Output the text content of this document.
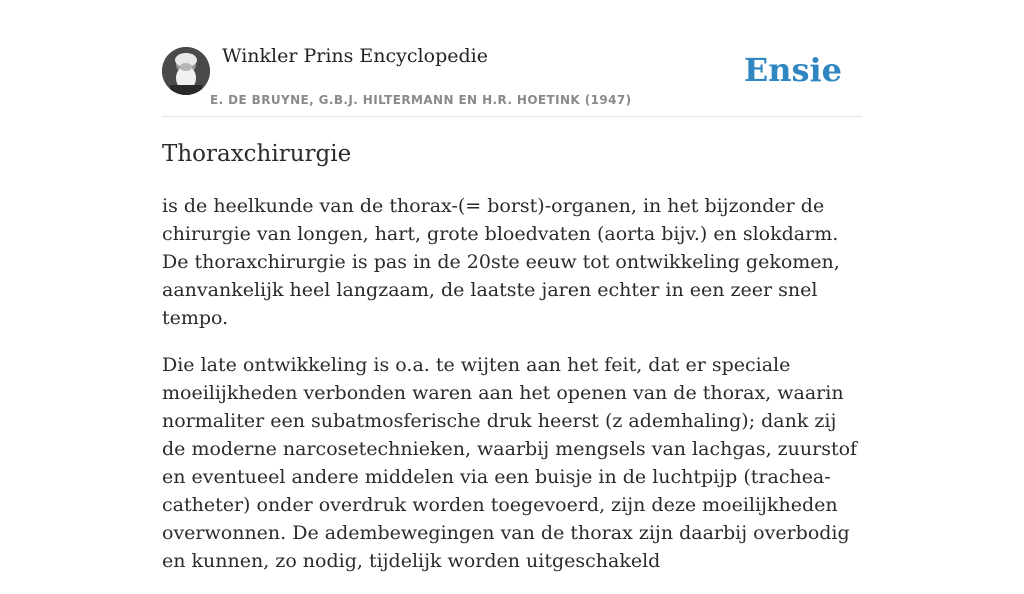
Winkler Prins Encyclopedie
E. DE BRUYNE, G.B.J. HILTERMANN EN H.R. HOETINK (1947)
Ensie
Thoraxchirurgie

is de heelkunde van de thorax-(= borst)-organen, in het bijzonder de chirurgie van longen, hart, grote bloedvaten (aorta bijv.) en slokdarm. De thoraxchirurgie is pas in de 20ste eeuw tot ontwikkeling gekomen, aanvankelijk heel langzaam, de laatste jaren echter in een zeer snel tempo.

Die late ontwikkeling is o.a. te wijten aan het feit, dat er speciale moeilijkheden verbonden waren aan het openen van de thorax, waarin normaliter een subatmosferische druk heerst (z ademhaling); dank zij de moderne narcosetechnieken, waarbij mengsels van lachgas, zuurstof en eventueel andere middelen via een buisje in de luchtpijp (trachea-catheter) onder overdruk worden toegevoerd, zijn deze moeilijkheden overwonnen. De adembewegingen van de thorax zijn daarbij overbodig en kunnen, zo nodig, tijdelijk worden uitgeschakeld
